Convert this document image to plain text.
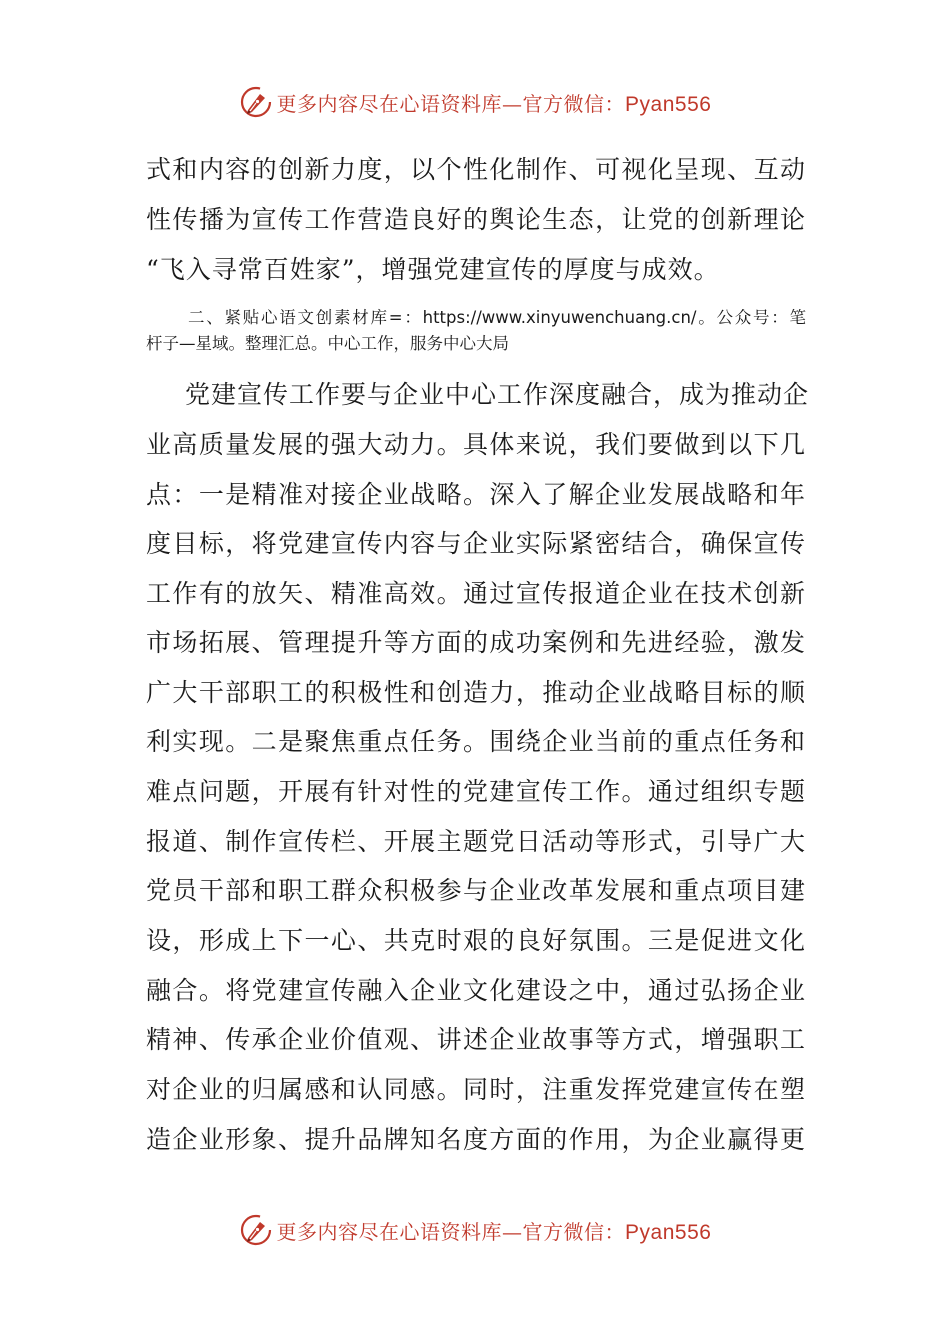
更多内容尽在心语资料库—官方微信：Pyan556
式和内容的创新力度，以个性化制作、可视化呈现、互动
性传播为宣传工作营造良好的舆论生态，让党的创新理论
“飞入寻常百姓家”，增强党建宣传的厚度与成效。
二、紧贴心语文创素材库=：https://www.xinyuwenchuang.cn/。公众号：笔
杆子—星域。整理汇总。中心工作，服务中心大局
党建宣传工作要与企业中心工作深度融合，成为推动企
业高质量发展的强大动力。具体来说，我们要做到以下几
点：一是精准对接企业战略。深入了解企业发展战略和年
度目标，将党建宣传内容与企业实际紧密结合，确保宣传
工作有的放矢、精准高效。通过宣传报道企业在技术创新
市场拓展、管理提升等方面的成功案例和先进经验，激发
广大干部职工的积极性和创造力，推动企业战略目标的顺
利实现。二是聚焦重点任务。围绕企业当前的重点任务和
难点问题，开展有针对性的党建宣传工作。通过组织专题
报道、制作宣传栏、开展主题党日活动等形式，引导广大
党员干部和职工群众积极参与企业改革发展和重点项目建
设，形成上下一心、共克时艰的良好氛围。三是促进文化
融合。将党建宣传融入企业文化建设之中，通过弘扬企业
精神、传承企业价值观、讲述企业故事等方式，增强职工
对企业的归属感和认同感。同时，注重发挥党建宣传在塑
造企业形象、提升品牌知名度方面的作用，为企业赢得更
更多内容尽在心语资料库—官方微信：Pyan556
